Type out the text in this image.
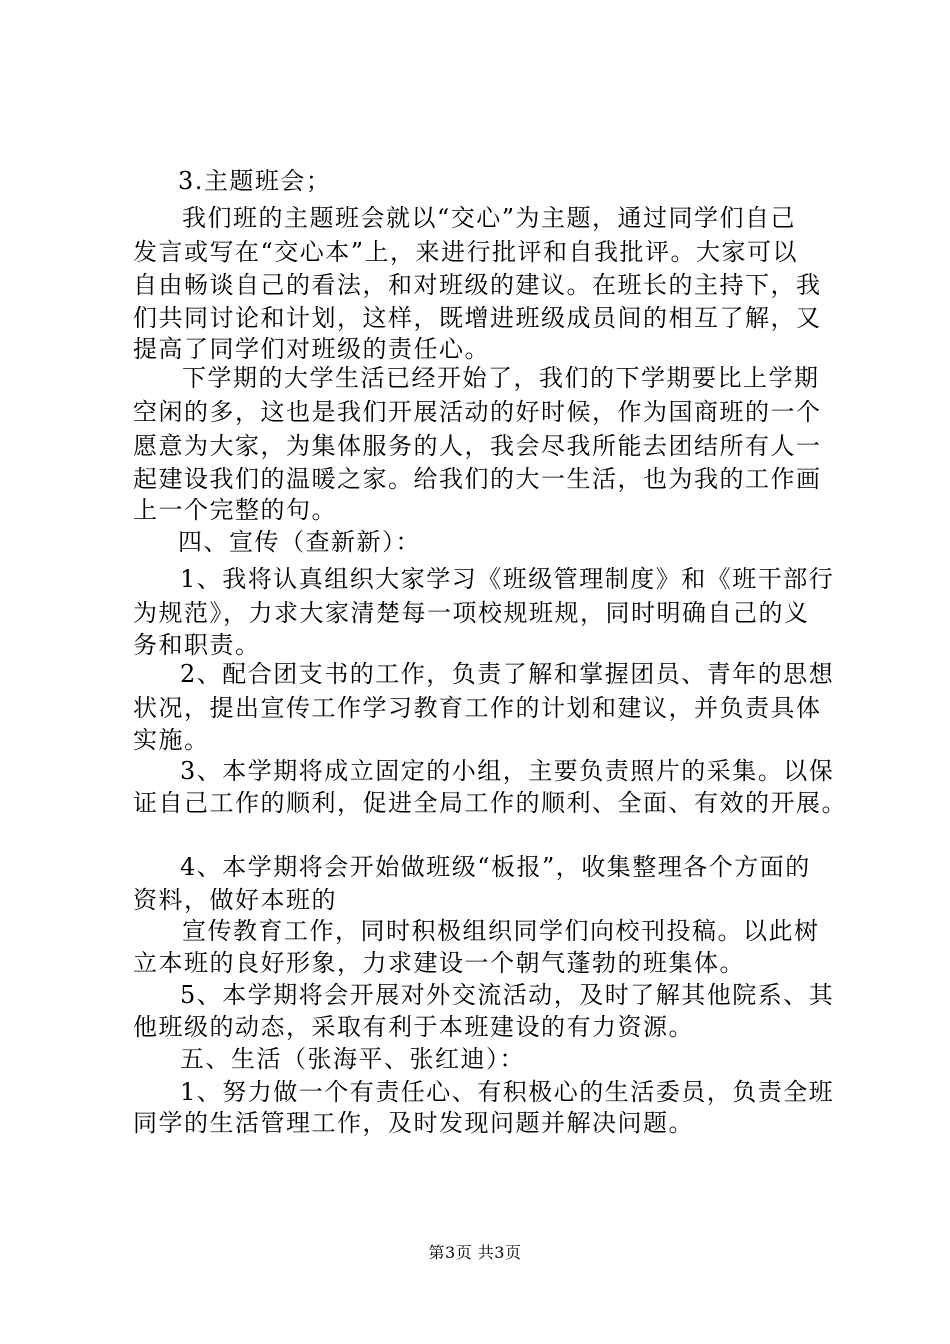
3.主题班会；
我们班的主题班会就以“交心”为主题，通过同学们自己
发言或写在“交心本”上，来进行批评和自我批评。大家可以
自由畅谈自己的看法，和对班级的建议。在班长的主持下，我
们共同讨论和计划，这样，既增进班级成员间的相互了解，又
提高了同学们对班级的责任心。
下学期的大学生活已经开始了，我们的下学期要比上学期
空闲的多，这也是我们开展活动的好时候，作为国商班的一个
愿意为大家，为集体服务的人，我会尽我所能去团结所有人一
起建设我们的温暖之家。给我们的大一生活，也为我的工作画
上一个完整的句。
四、宣传（查新新）：
1、我将认真组织大家学习《班级管理制度》和《班干部行
为规范》，力求大家清楚每一项校规班规，同时明确自己的义
务和职责。
2、配合团支书的工作，负责了解和掌握团员、青年的思想
状况，提出宣传工作学习教育工作的计划和建议，并负责具体
实施。
3、本学期将成立固定的小组，主要负责照片的采集。以保
证自己工作的顺利，促进全局工作的顺利、全面、有效的开展。
4、本学期将会开始做班级“板报”，收集整理各个方面的
资料，做好本班的
宣传教育工作，同时积极组织同学们向校刊投稿。以此树
立本班的良好形象，力求建设一个朝气蓬勃的班集体。
5、本学期将会开展对外交流活动，及时了解其他院系、其
他班级的动态，采取有利于本班建设的有力资源。
五、生活（张海平、张红迪）：
1、努力做一个有责任心、有积极心的生活委员，负责全班
同学的生活管理工作，及时发现问题并解决问题。
第3页 共3页
